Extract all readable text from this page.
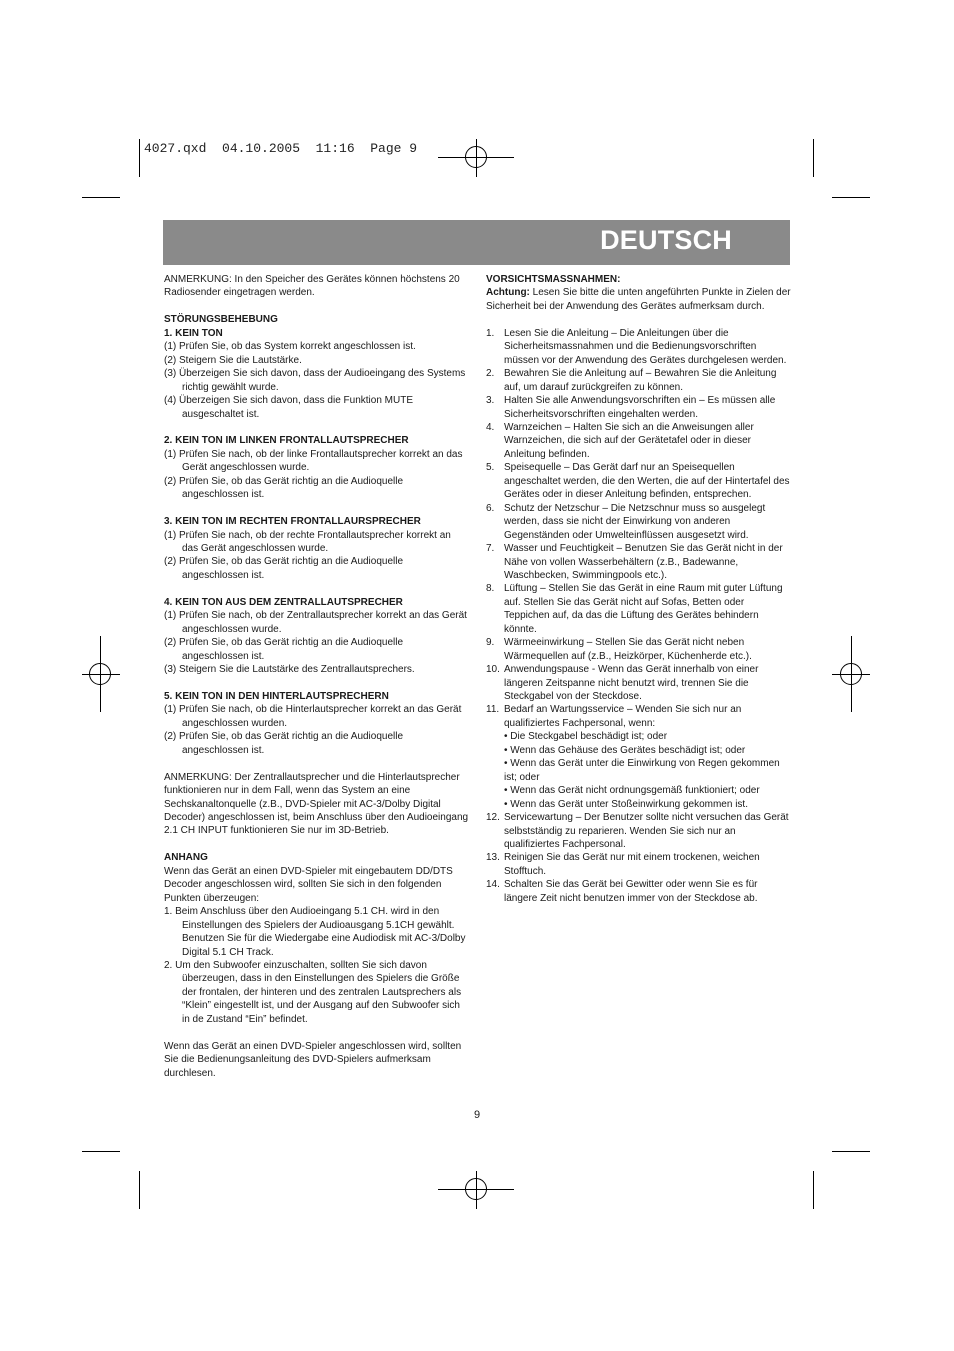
4027.qxd  04.10.2005  11:16  Page 9
DEUTSCH

ANMERKUNG: In den Speicher des Gerätes können höchstens 20 Radiosender eingetragen werden.

STÖRUNGSBEHEBUNG

1. KEIN TON

(1) Prüfen Sie, ob das System korrekt angeschlossen ist.

(2) Steigern Sie die Lautstärke.

(3) Überzeigen Sie sich davon, dass der Audioeingang des Systems richtig gewählt wurde.

(4) Überzeigen Sie sich davon, dass die Funktion MUTE ausgeschaltet ist.

2. KEIN TON IM LINKEN FRONTALLAUTSPRECHER

(1) Prüfen Sie nach, ob der linke Frontallautsprecher korrekt an das Gerät angeschlossen wurde.

(2) Prüfen Sie, ob das Gerät richtig an die Audioquelle angeschlossen ist.

3. KEIN TON IM RECHTEN FRONTALLAURSPRECHER

(1) Prüfen Sie nach, ob der rechte Frontallautsprecher korrekt an das Gerät angeschlossen wurde.

(2) Prüfen Sie, ob das Gerät richtig an die Audioquelle angeschlossen ist.

4. KEIN TON AUS DEM ZENTRALLAUTSPRECHER

(1) Prüfen Sie nach, ob der Zentrallautsprecher korrekt an das Gerät angeschlossen wurde.

(2) Prüfen Sie, ob das Gerät richtig an die Audioquelle angeschlossen ist.

(3) Steigern Sie die Lautstärke des Zentrallautsprechers.

5. KEIN TON IN DEN HINTERLAUTSPRECHERN

(1) Prüfen Sie nach, ob die Hinterlautsprecher korrekt an das Gerät angeschlossen wurden.

(2) Prüfen Sie, ob das Gerät richtig an die Audioquelle angeschlossen ist.

ANMERKUNG: Der Zentrallautsprecher und die Hinterlautsprecher funktionieren nur in dem Fall, wenn das System an eine Sechskanaltonquelle (z.B., DVD-Spieler mit AC-3/Dolby Digital Decoder) angeschlossen ist, beim Anschluss über den Audioeingang 2.1 CH INPUT funktionieren Sie nur im 3D-Betrieb.

ANHANG

Wenn das Gerät an einen DVD-Spieler mit eingebautem DD/DTS Decoder angeschlossen wird, sollten Sie sich in den folgenden Punkten überzeugen:

1. Beim Anschluss über den Audioeingang 5.1 CH. wird in den Einstellungen des Spielers der Audioausgang 5.1CH gewählt. Benutzen Sie für die Wiedergabe eine Audiodisk mit AC-3/Dolby Digital 5.1 CH Track.

2. Um den Subwoofer einzuschalten, sollten Sie sich davon überzeugen, dass in den Einstellungen des Spielers die Größe der frontalen, der hinteren und des zentralen Lautsprechers als “Klein” eingestellt ist, und der Ausgang auf den Subwoofer sich in de Zustand “Ein” befindet.

Wenn das Gerät an einen DVD-Spieler angeschlossen wird, sollten Sie die Bedienungsanleitung des DVD-Spielers aufmerksam durchlesen.

VORSICHTSMASSNAHMEN:

Achtung: Lesen Sie bitte die unten angeführten Punkte in Zielen der Sicherheit bei der Anwendung des Gerätes aufmerksam durch.

1. Lesen Sie die Anleitung – Die Anleitungen über die Sicherheitsmassnahmen und die Bedienungsvorschriften müssen vor der Anwendung des Gerätes durchgelesen werden.

2. Bewahren Sie die Anleitung auf – Bewahren Sie die Anleitung auf, um darauf zurückgreifen zu können.

3. Halten Sie alle Anwendungsvorschriften ein – Es müssen alle Sicherheitsvorschriften eingehalten werden.

4. Warnzeichen – Halten Sie sich an die Anweisungen aller Warnzeichen, die sich auf der Gerätetafel oder in dieser Anleitung befinden.

5. Speisequelle – Das Gerät darf nur an Speisequellen angeschaltet werden, die den Werten, die auf der Hintertafel des Gerätes oder in dieser Anleitung befinden, entsprechen.

6. Schutz der Netzschur – Die Netzschnur muss so ausgelegt werden, dass sie nicht der Einwirkung von anderen Gegenständen oder Umwelteinflüssen ausgesetzt wird.

7. Wasser und Feuchtigkeit – Benutzen Sie das Gerät nicht in der Nähe von vollen Wasserbehältern (z.B., Badewanne, Waschbecken, Swimmingpools etc.).

8. Lüftung – Stellen Sie das Gerät in eine Raum mit guter Lüftung auf. Stellen Sie das Gerät nicht auf Sofas, Betten oder Teppichen auf, da das die Lüftung des Gerätes behindern könnte.

9. Wärmeeinwirkung – Stellen Sie das Gerät nicht neben Wärmequellen auf (z.B., Heizkörper, Küchenherde etc.).

10. Anwendungspause - Wenn das Gerät innerhalb von einer längeren Zeitspanne nicht benutzt wird, trennen Sie die Steckgabel von der Steckdose.

11. Bedarf an Wartungsservice – Wenden Sie sich nur an qualifiziertes Fachpersonal, wenn:

• Die Steckgabel beschädigt ist; oder

• Wenn das Gehäuse des Gerätes beschädigt ist; oder

• Wenn das Gerät unter die Einwirkung von Regen gekommen ist; oder

• Wenn das Gerät nicht ordnungsgemäß funktioniert; oder

• Wenn das Gerät unter Stoßeinwirkung gekommen ist.

12. Servicewartung – Der Benutzer sollte nicht versuchen das Gerät selbstständig zu reparieren. Wenden Sie sich nur an qualifiziertes Fachpersonal.

13. Reinigen Sie das Gerät nur mit einem trockenen, weichen Stofftuch.

14. Schalten Sie das Gerät bei Gewitter oder wenn Sie es für längere Zeit nicht benutzen immer von der Steckdose ab.

9
